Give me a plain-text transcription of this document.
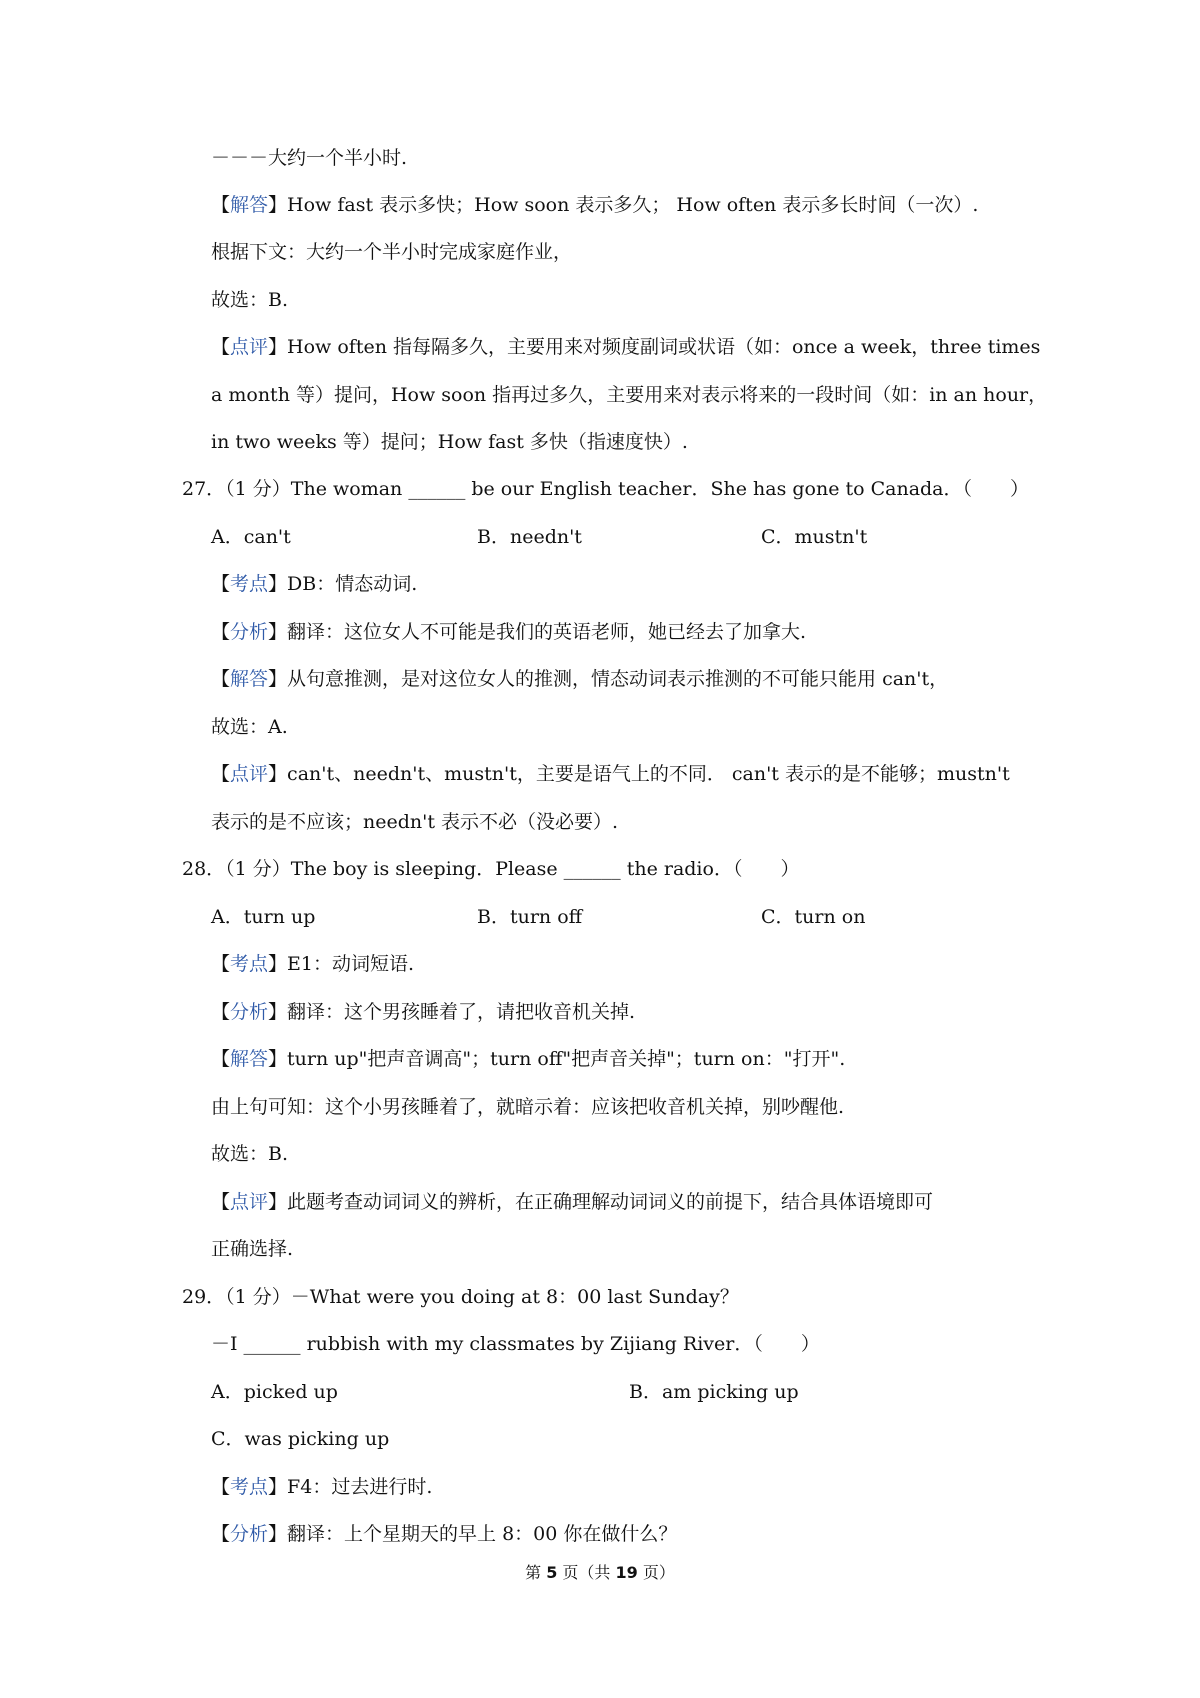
－－－大约一个半小时.
【解答】How fast 表示多快；How soon 表示多久； How often 表示多长时间（一次）.
根据下文：大约一个半小时完成家庭作业，
故选：B.
【点评】How often 指每隔多久，主要用来对频度副词或状语（如：once a week，three times
a month 等）提问，How soon 指再过多久，主要用来对表示将来的一段时间（如：in an hour，
in two weeks 等）提问；How fast 多快（指速度快）.
27．（1 分）The woman ______ be our English teacher．She has gone to Canada．（　　）
A．can't	B．needn't	C．mustn't
【考点】DB：情态动词.
【分析】翻译：这位女人不可能是我们的英语老师，她已经去了加拿大.
【解答】从句意推测，是对这位女人的推测，情态动词表示推测的不可能只能用 can't，
故选：A.
【点评】can't、needn't、mustn't，主要是语气上的不同． can't 表示的是不能够；mustn't
表示的是不应该；needn't 表示不必（没必要）.
28．（1 分）The boy is sleeping．Please ______ the radio．（　　）
A．turn up	B．turn off	C．turn on
【考点】E1：动词短语.
【分析】翻译：这个男孩睡着了，请把收音机关掉.
【解答】turn up"把声音调高"；turn off"把声音关掉"；turn on："打开".
由上句可知：这个小男孩睡着了，就暗示着：应该把收音机关掉，别吵醒他.
故选：B.
【点评】此题考查动词词义的辨析，在正确理解动词词义的前提下，结合具体语境即可
正确选择.
29．（1 分）－What were you doing at 8：00 last Sunday？
－I ______ rubbish with my classmates by Zijiang River．（　　）
A．picked up	B．am picking up
C．was picking up
【考点】F4：过去进行时.
【分析】翻译：上个星期天的早上 8：00 你在做什么？
第 5 页（共 19 页）
